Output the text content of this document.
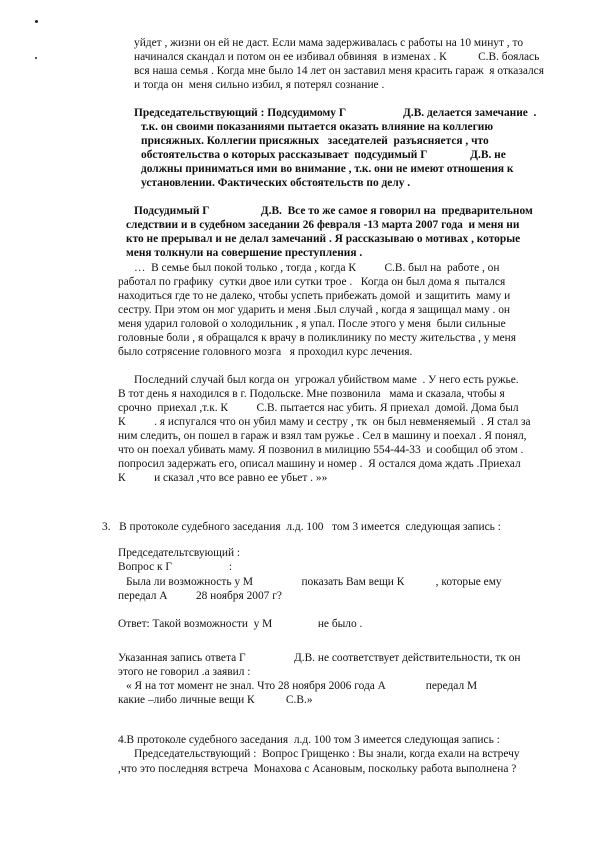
уйдет , жизни он ей не даст. Если мама задерживалась с работы на 10 минут , то
начинался скандал и потом он ее избивал обвиняя  в изменах . К           С.В. боялась
вся наша семья . Когда мне было 14 лет он заставил меня красить гараж  я отказался
и тогда он  меня сильно избил, я потерял сознание .
Председательствующий : Подсудимому Г                    Д.В. делается замечание  .
т.к. он своими показаниями пытается оказать влияние на коллегию
присяжных. Коллегии присяжных   заседателей  разъясняется , что
обстоятельства о которых рассказывает  подсудимый Г               Д.В. не
должны приниматься ими во внимание , т.к. они не имеют отношения к
установлении. Фактических обстоятельств по делу .
Подсудимый Г                  Д.В.  Все то же самое я говорил на  предварительном
следствии и в судебном заседании 26 февраля -13 марта 2007 года  и меня ни
кто не прерывал и не делал замечаний . Я рассказываю о мотивах , которые
меня толкнули на совершение преступления .
…  В семье был покой только , тогда , когда К          С.В. был на  работе , он
работал по графику  сутки двое или сутки трое .   Когда он был дома я  пытался
находиться где то не далеко, чтобы успеть прибежать домой  и защитить  маму и
сестру. При этом он мог ударить и меня .Был случай , когда я защищал маму . он
меня ударил головой о холодильник , я упал. После этого у меня  были сильные
головные боли , я обращался к врачу в поликлинику по месту жительства , у меня
было сотрясение головного мозга   я проходил курс лечения.
Последний случай был когда он  угрожал убийством маме  . У него есть ружье.
В тот день я находился в г. Подольске. Мне позвонила   мама и сказала, чтобы я
срочно  приехал ,т.к. К          С.В. пытается нас убить. Я приехал  домой. Дома был
К          . я испугался что он убил маму и сестру , тк  он был невменяемый  . Я стал за
ним следить, он пошел в гараж и взял там ружье . Сел в машину и поехал . Я понял,
что он поехал убивать маму. Я позвонил в милицию 554-44-33  и сообщил об этом .
попросил задержать его, описал машину и номер .  Я остался дома ждать .Приехал
К          и сказал ,что все равно ее убьет . »»
3.   В протоколе судебного заседания  л.д. 100   том 3 имеется  следующая запись :
Председательтсвующий :
Вопрос к Г                    :
Была ли возможность у М                 показать Вам вещи К           , которые ему
передал А          28 ноября 2007 г?
Ответ: Такой возможности  у М                не было .
Указанная запись ответа Г                 Д.В. не соответствует действительности, тк он
этого не говорил .а заявил :
« Я на тот момент не знал. Что 28 ноября 2006 года А              передал М
какие –либо личные вещи К           С.В.»
4.В протоколе судебного заседания  л.д. 100 том 3 имеется следующая запись :
Председательствующий :  Вопрос Грищенко : Вы знали, когда ехали на встречу
,что это последняя встреча  Монахова с Асановым, поскольку работа выполнена ?
